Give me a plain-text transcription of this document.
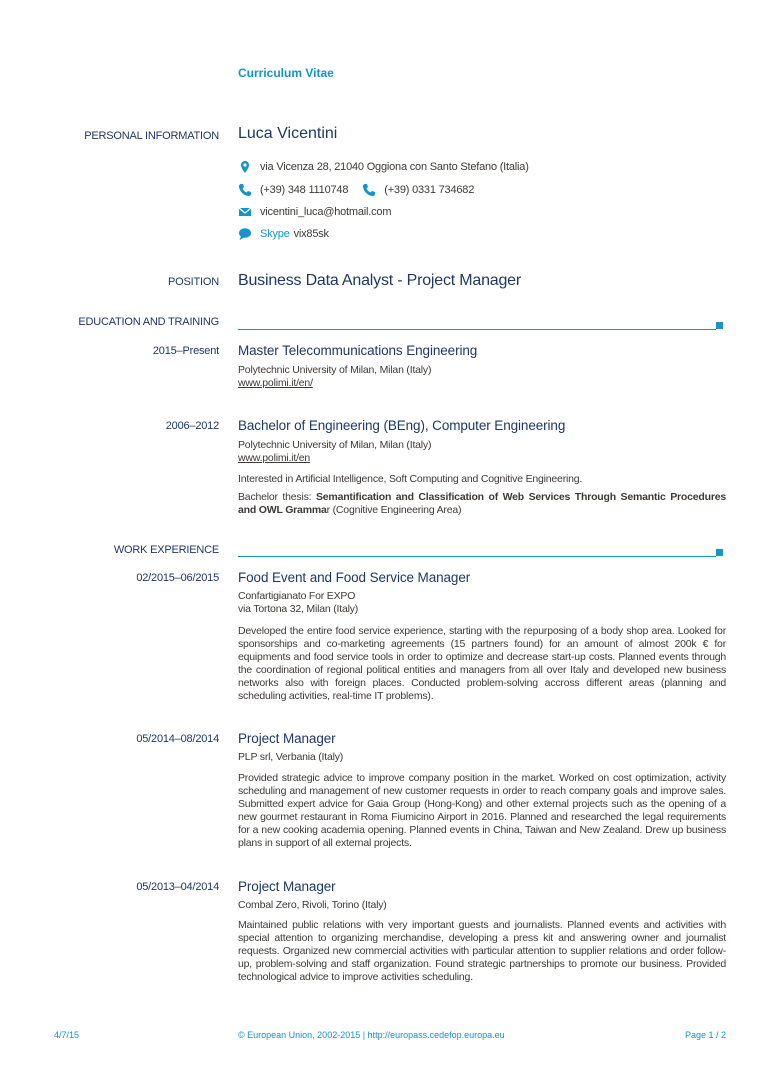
Curriculum Vitae
PERSONAL INFORMATION Luca Vicentini
via Vicenza 28, 21040 Oggiona con Santo Stefano (Italia)
(+39) 348 1110748	(+39) 0331 734682
vicentini_luca@hotmail.com
Skype vix85sk
POSITION Business Data Analyst - Project Manager
EDUCATION AND TRAINING
2015–Present Master Telecommunications Engineering
Polytechnic University of Milan, Milan (Italy)
www.polimi.it/en/
2006–2012 Bachelor of Engineering (BEng), Computer Engineering
Polytechnic University of Milan, Milan (Italy)
www.polimi.it/en
Interested in Artificial Intelligence, Soft Computing and Cognitive Engineering.
Bachelor thesis: Semantification and Classification of Web Services Through Semantic Procedures and OWL Grammar (Cognitive Engineering Area)
WORK EXPERIENCE
02/2015–06/2015 Food Event and Food Service Manager
Confartigianato For EXPO
via Tortona 32, Milan (Italy)
Developed the entire food service experience, starting with the repurposing of a body shop area. Looked for sponsorships and co-marketing agreements (15 partners found) for an amount of almost 200k € for equipments and food service tools in order to optimize and decrease start-up costs. Planned events through the coordination of regional political entities and managers from all over Italy and developed new business networks also with foreign places. Conducted problem-solving accross different areas (planning and scheduling activities, real-time IT problems).
05/2014–08/2014 Project Manager
PLP srl, Verbania (Italy)
Provided strategic advice to improve company position in the market. Worked on cost optimization, activity scheduling and management of new customer requests in order to reach company goals and improve sales. Submitted expert advice for Gaia Group (Hong-Kong) and other external projects such as the opening of a new gourmet restaurant in Roma Fiumicino Airport in 2016. Planned and researched the legal requirements for a new cooking academia opening. Planned events in China, Taiwan and New Zealand. Drew up business plans in support of all external projects.
05/2013–04/2014 Project Manager
Combal Zero, Rivoli, Torino (Italy)
Maintained public relations with very important guests and journalists. Planned events and activities with special attention to organizing merchandise, developing a press kit and answering owner and journalist requests. Organized new commercial activities with particular attention to supplier relations and order follow-up, problem-solving and staff organization. Found strategic partnerships to promote our business. Provided technological advice to improve activities scheduling.
4/7/15	© European Union, 2002-2015 | http://europass.cedefop.europa.eu	Page 1 / 2
